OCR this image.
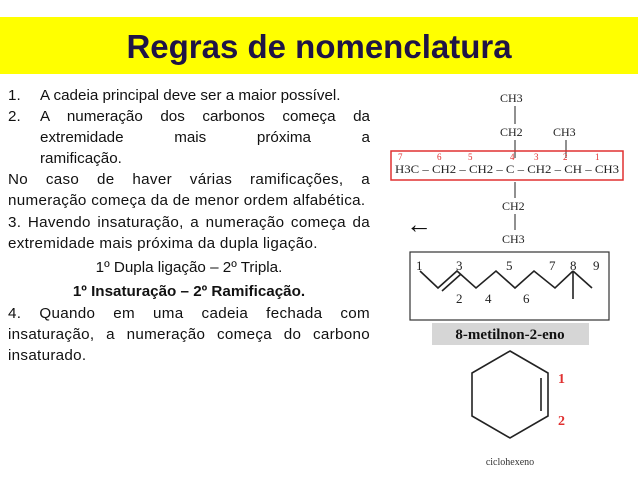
Regras de nomenclatura
1.	A cadeia principal deve ser a maior possível.
2.	A numeração dos carbonos começa da
extremidade mais próxima a
ramificação.

No caso de haver várias ramificações, a numeração começa da de menor ordem alfabética.

3. Havendo insaturação, a numeração começa da extremidade mais próxima da dupla ligação.

1º Dupla ligação – 2º Tripla.

1º Insaturação – 2º Ramificação.

4. Quando em uma cadeia fechada com insaturação, a numeração começa do carbono insaturado.

CH3
CH2	CH3
7	6	5	4 3	2	1
H3C – CH2 – CH2 – C – CH2 – CH – CH3
CH2
CH3
←
1	3	5	7 8 9
2 4 6
8-metilnon-2-eno
1
2
ciclohexeno
